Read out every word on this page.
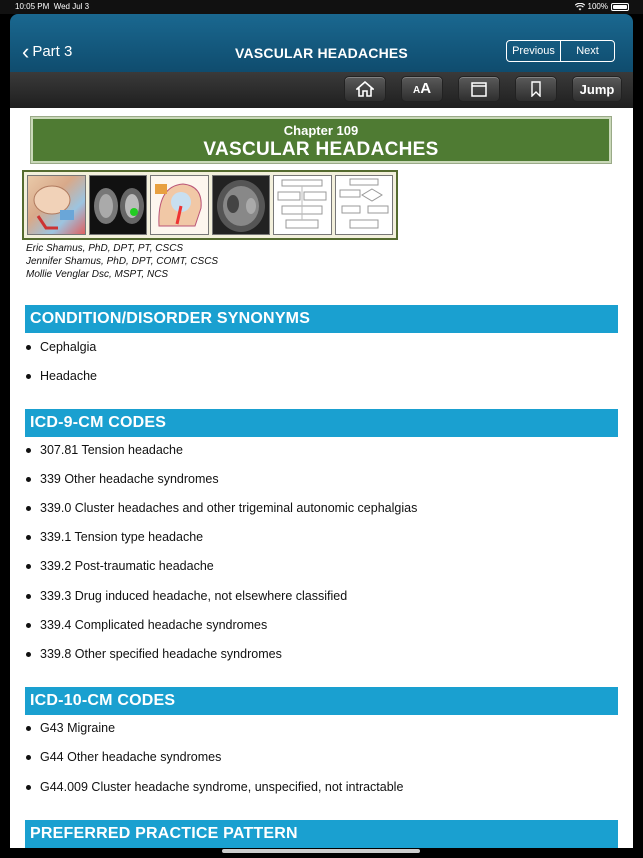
10:05 PM Wed Jul 3	100%
‹ Part 3	VASCULAR HEADACHES	Previous	Next
AA	Jump
Chapter 109
VASCULAR HEADACHES
Eric Shamus, PhD, DPT, PT, CSCS
Jennifer Shamus, PhD, DPT, COMT, CSCS
Mollie Venglar Dsc, MSPT, NCS
CONDITION/DISORDER SYNONYMS
Cephalgia
Headache
ICD-9-CM CODES
307.81 Tension headache
339 Other headache syndromes
339.0 Cluster headaches and other trigeminal autonomic cephalgias
339.1 Tension type headache
339.2 Post-traumatic headache
339.3 Drug induced headache, not elsewhere classified
339.4 Complicated headache syndromes
339.8 Other specified headache syndromes
ICD-10-CM CODES
G43 Migraine
G44 Other headache syndromes
G44.009 Cluster headache syndrome, unspecified, not intractable
PREFERRED PRACTICE PATTERN
